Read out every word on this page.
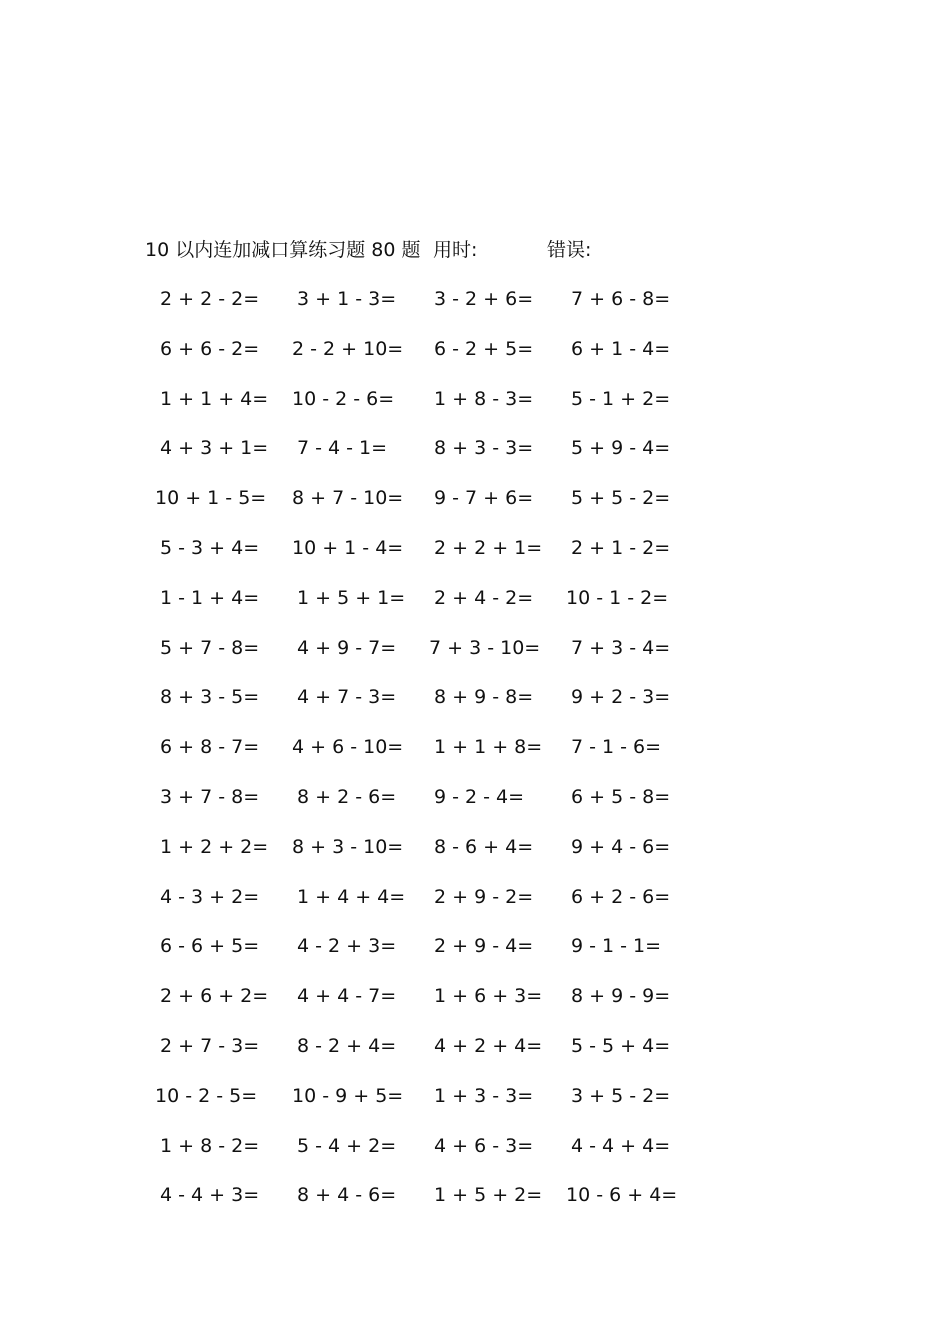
10 以内连加减口算练习题 80 题 用时:	错误:
2 + 2 - 2= 3 + 1 - 3= 3 - 2 + 6= 7 + 6 - 8=
6 + 6 - 2= 2 - 2 + 10= 6 - 2 + 5= 6 + 1 - 4=
1 + 1 + 4= 10 - 2 - 6= 1 + 8 - 3= 5 - 1 + 2=
4 + 3 + 1= 7 - 4 - 1= 8 + 3 - 3= 5 + 9 - 4=
10 + 1 - 5= 8 + 7 - 10= 9 - 7 + 6= 5 + 5 - 2=
5 - 3 + 4= 10 + 1 - 4= 2 + 2 + 1= 2 + 1 - 2=
1 - 1 + 4= 1 + 5 + 1= 2 + 4 - 2= 10 - 1 - 2=
5 + 7 - 8= 4 + 9 - 7= 7 + 3 - 10= 7 + 3 - 4=
8 + 3 - 5= 4 + 7 - 3= 8 + 9 - 8= 9 + 2 - 3=
6 + 8 - 7= 4 + 6 - 10= 1 + 1 + 8= 7 - 1 - 6=
3 + 7 - 8= 8 + 2 - 6= 9 - 2 - 4= 6 + 5 - 8=
1 + 2 + 2= 8 + 3 - 10= 8 - 6 + 4= 9 + 4 - 6=
4 - 3 + 2= 1 + 4 + 4= 2 + 9 - 2= 6 + 2 - 6=
6 - 6 + 5= 4 - 2 + 3= 2 + 9 - 4= 9 - 1 - 1=
2 + 6 + 2= 4 + 4 - 7= 1 + 6 + 3= 8 + 9 - 9=
2 + 7 - 3= 8 - 2 + 4= 4 + 2 + 4= 5 - 5 + 4=
10 - 2 - 5= 10 - 9 + 5= 1 + 3 - 3= 3 + 5 - 2=
1 + 8 - 2= 5 - 4 + 2= 4 + 6 - 3= 4 - 4 + 4=
4 - 4 + 3= 8 + 4 - 6= 1 + 5 + 2= 10 - 6 + 4=
